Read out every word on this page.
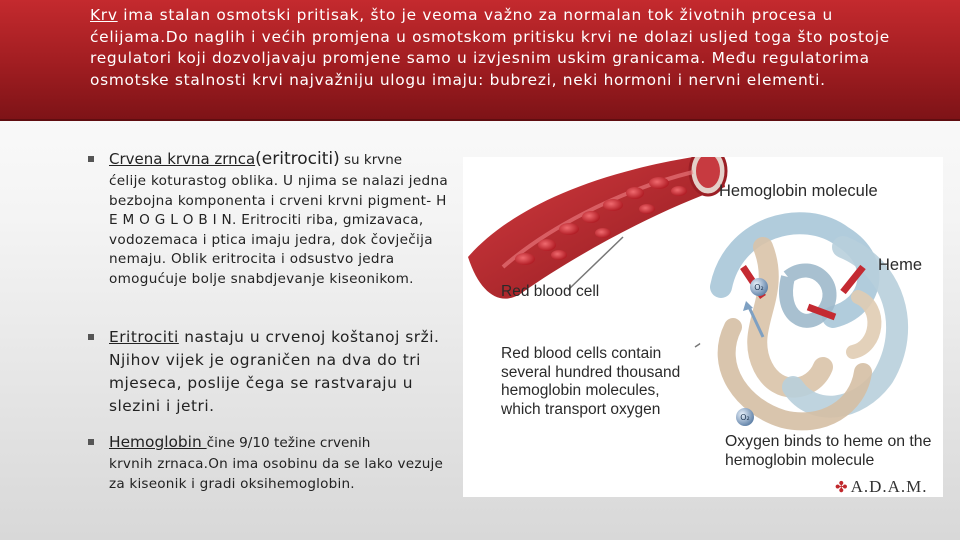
Krv ima stalan osmotski pritisak, što je veoma važno za normalan tok životnih procesa u ćelijama.Do naglih i većih promjena u osmotskom pritisku krvi ne dolazi usljed toga što postoje regulatori koji dozvoljavaju promjene samo u izvjesnim uskim granicama. Među regulatorima osmotske stalnosti krvi najvažniju ulogu imaju: bubrezi, neki hormoni i nervni elementi.
Crvena krvna zrnca(eritrociti) su krvne
ćelije koturastog oblika. U njima se nalazi jedna bezbojna komponenta i crveni krvni pigment- H E M O G L O B I N. Eritrociti riba, gmizavaca, vodozemaca i ptica imaju jedra, dok čovječija nemaju. Oblik eritrocita i odsustvo jedra omogućuje bolje snabdjevanje kiseonikom.
Eritrociti nastaju u crvenoj koštanoj srži. Njihov vijek je ograničen na dva do tri mjeseca, poslije čega se rastvaraju u slezini i jetri.
Hemoglobin čine 9/10 težine crvenih
krvnih zrnaca.On ima osobinu da se lako vezuje za kiseonik i gradi oksihemoglobin.
O₂
O₂
Hemoglobin molecule
Heme
Red blood cell
Red blood cells contain several hundred thousand hemoglobin molecules, which transport oxygen
Oxygen binds to heme on the hemoglobin molecule
✤ A.D.A.M.
